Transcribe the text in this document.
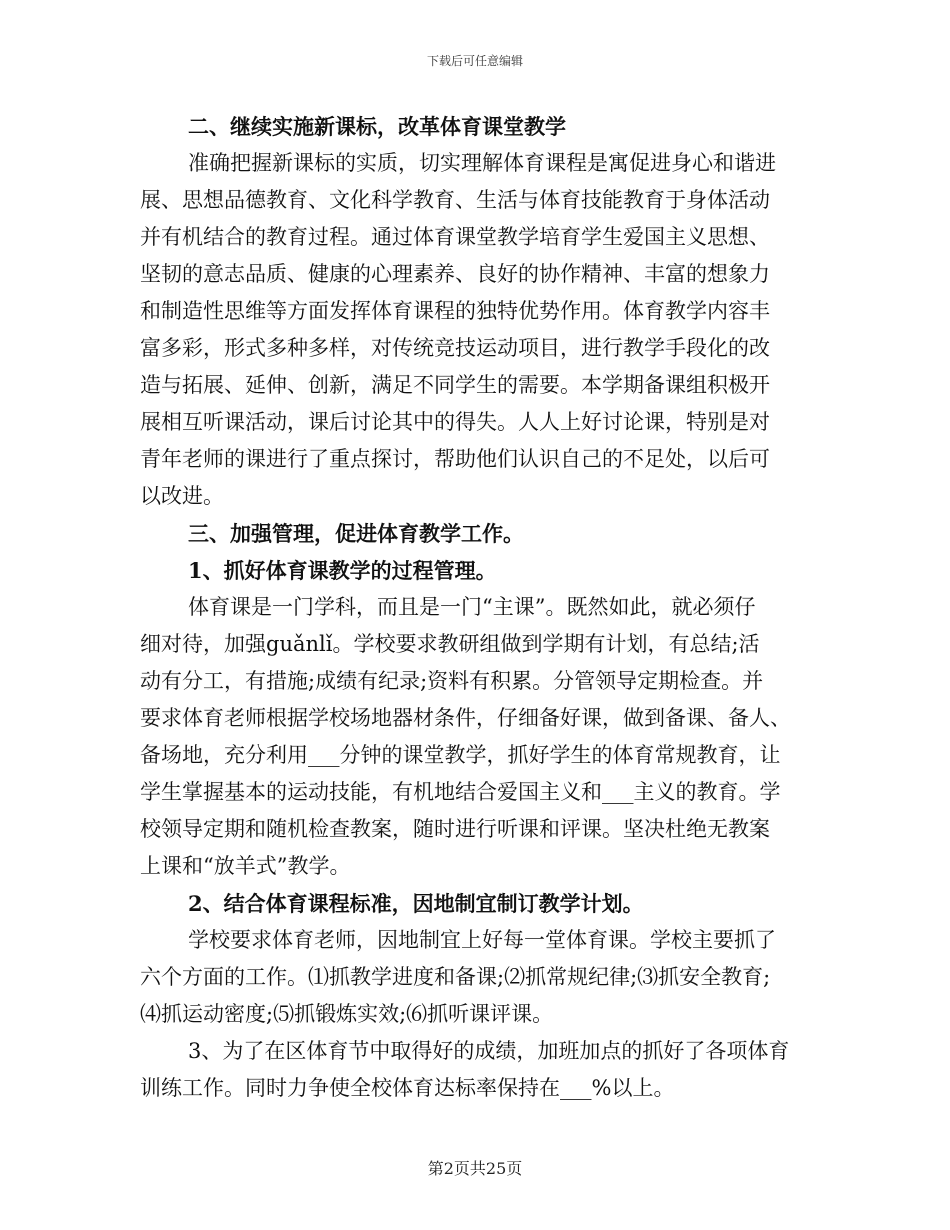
下载后可任意编辑
二、继续实施新课标，改革体育课堂教学
准确把握新课标的实质，切实理解体育课程是寓促进身心和谐进
展、思想品德教育、文化科学教育、生活与体育技能教育于身体活动
并有机结合的教育过程。通过体育课堂教学培育学生爱国主义思想、
坚韧的意志品质、健康的心理素养、良好的协作精神、丰富的想象力
和制造性思维等方面发挥体育课程的独特优势作用。体育教学内容丰
富多彩，形式多种多样，对传统竞技运动项目，进行教学手段化的改
造与拓展、延伸、创新，满足不同学生的需要。本学期备课组积极开
展相互听课活动，课后讨论其中的得失。人人上好讨论课，特别是对
青年老师的课进行了重点探讨，帮助他们认识自己的不足处，以后可
以改进。
三、加强管理，促进体育教学工作。
1、抓好体育课教学的过程管理。
体育课是一门学科，而且是一门“主课”。既然如此，就必须仔
细对待，加强guǎnlǐ。学校要求教研组做到学期有计划，有总结;活
动有分工，有措施;成绩有纪录;资料有积累。分管领导定期检查。并
要求体育老师根据学校场地器材条件，仔细备好课，做到备课、备人、
备场地，充分利用___分钟的课堂教学，抓好学生的体育常规教育，让
学生掌握基本的运动技能，有机地结合爱国主义和___主义的教育。学
校领导定期和随机检查教案，随时进行听课和评课。坚决杜绝无教案
上课和“放羊式”教学。
2、结合体育课程标准，因地制宜制订教学计划。
学校要求体育老师，因地制宜上好每一堂体育课。学校主要抓了
六个方面的工作。⑴抓教学进度和备课;⑵抓常规纪律;⑶抓安全教育;
⑷抓运动密度;⑸抓锻炼实效;⑹抓听课评课。
3、为了在区体育节中取得好的成绩，加班加点的抓好了各项体育
训练工作。同时力争使全校体育达标率保持在___%以上。
第2页共25页
